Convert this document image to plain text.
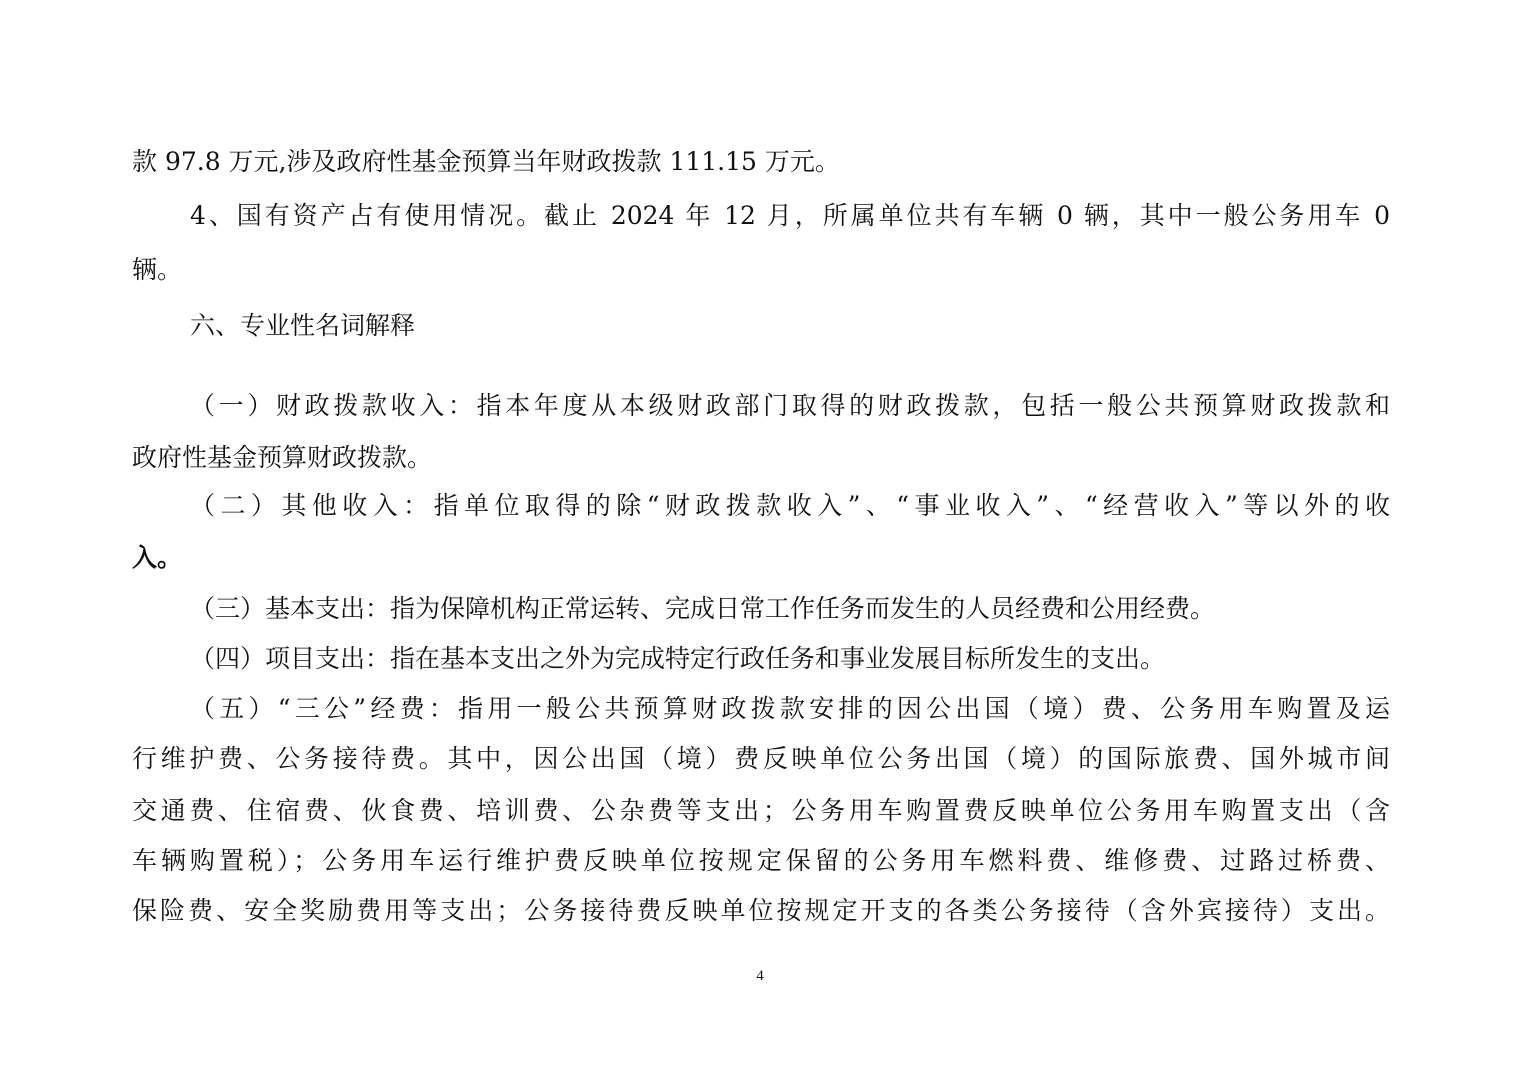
款 97.8 万元,涉及政府性基金预算当年财政拨款 111.15 万元。
4、国有资产占有使用情况。截止 2024 年 12 月，所属单位共有车辆 0 辆，其中一般公务用车 0
辆。
六、专业性名词解释
（一）财政拨款收入：指本年度从本级财政部门取得的财政拨款，包括一般公共预算财政拨款和
政府性基金预算财政拨款。
（二）其他收入：指单位取得的除“财政拨款收入”、“事业收入”、“经营收入”等以外的收
入。
（三）基本支出：指为保障机构正常运转、完成日常工作任务而发生的人员经费和公用经费。
（四）项目支出：指在基本支出之外为完成特定行政任务和事业发展目标所发生的支出。
（五）“三公”经费：指用一般公共预算财政拨款安排的因公出国（境）费、公务用车购置及运
行维护费、公务接待费。其中，因公出国（境）费反映单位公务出国（境）的国际旅费、国外城市间
交通费、住宿费、伙食费、培训费、公杂费等支出；公务用车购置费反映单位公务用车购置支出（含
车辆购置税）；公务用车运行维护费反映单位按规定保留的公务用车燃料费、维修费、过路过桥费、
保险费、安全奖励费用等支出；公务接待费反映单位按规定开支的各类公务接待（含外宾接待）支出。
4
